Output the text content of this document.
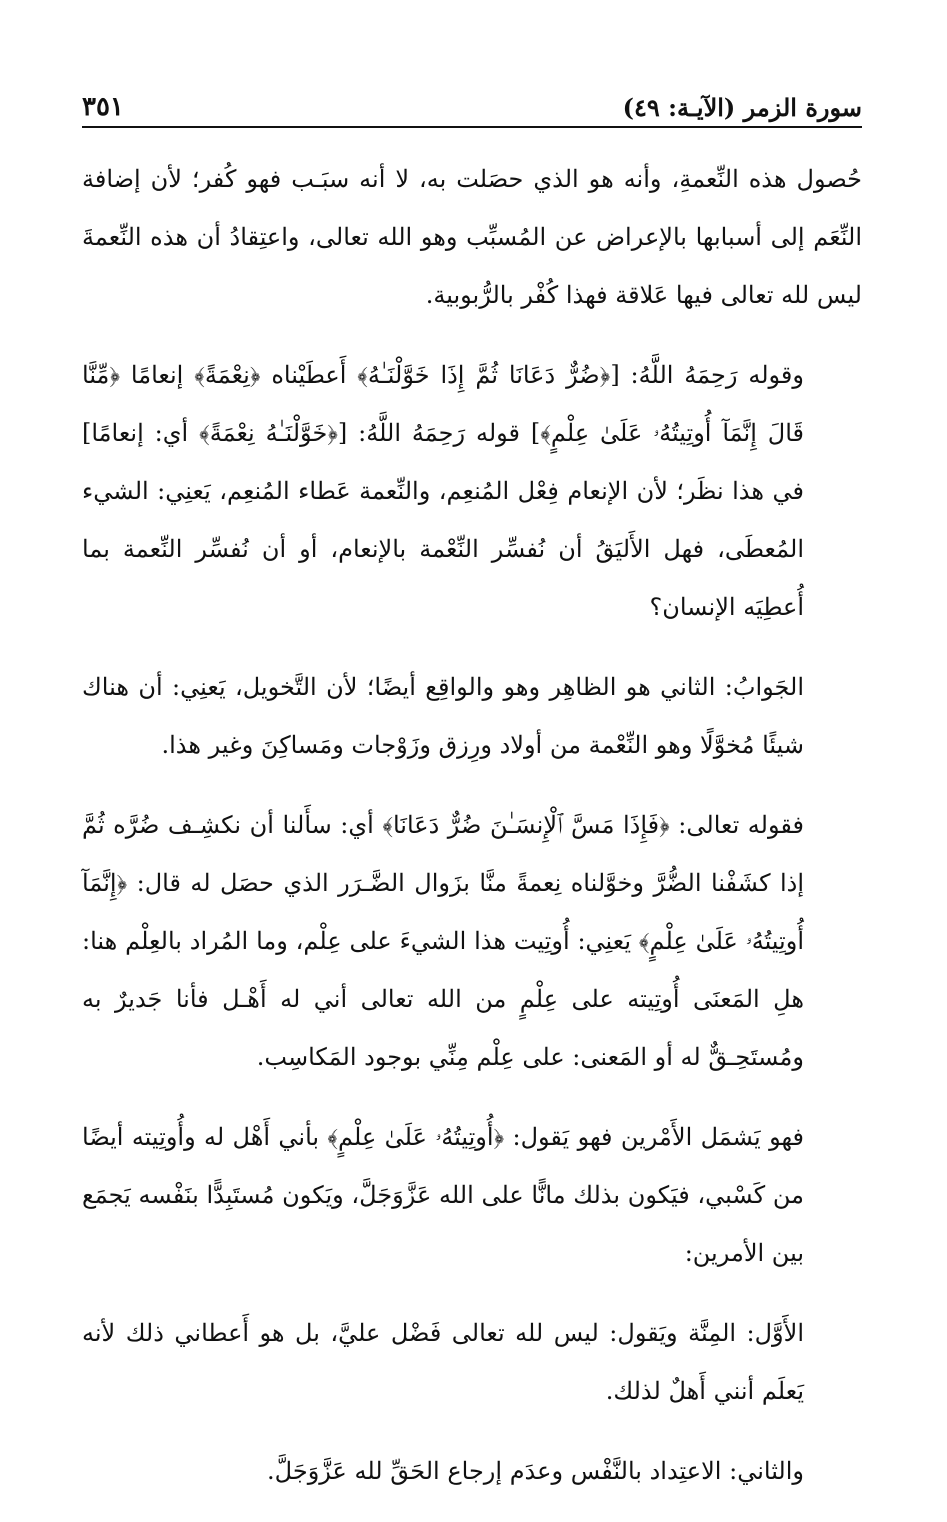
سورة الزمر (الآيـة: ٤٩)
٣٥١

حُصول هذه النِّعمةِ، وأنه هو الذي حصَلت به، لا أنه سبَـب فهو كُفر؛ لأن إضافة النِّعَم إلى أسبابها بالإعراض عن المُسبِّب وهو الله تعالى، واعتِقادُ أن هذه النِّعمةَ ليس لله تعالى فيها عَلاقة فهذا كُفْر بالرُّبوبية.

وقوله رَحِمَهُ اللَّهُ: [﴿ضُرٌّ دَعَانَا ثُمَّ إِذَا خَوَّلْنَـٰهُ﴾ أَعطَيْناه ﴿نِعْمَةً﴾ إنعامًا ﴿مِّنَّا قَالَ إِنَّمَآ أُوتِيتُهُۥ عَلَىٰ عِلْمٍ﴾] قوله رَحِمَهُ اللَّهُ: [﴿خَوَّلْنَـٰهُ نِعْمَةً﴾ أي: إنعامًا] في هذا نظَر؛ لأن الإنعام فِعْل المُنعِم، والنِّعمة عَطاء المُنعِم، يَعنِي: الشيء المُعطَى، فهل الأَليَقُ أن نُفسِّر النِّعْمة بالإنعام، أو أن نُفسِّر النِّعمة بما أُعطِيَه الإنسان؟

الجَوابُ: الثاني هو الظاهِر وهو والواقِع أيضًا؛ لأن التَّخويل، يَعنِي: أن هناك شيئًا مُخوَّلًا وهو النِّعْمة من أولاد ورِزق وزَوْجات ومَساكِنَ وغير هذا.

فقوله تعالى: ﴿فَإِذَا مَسَّ ٱلْإِنسَـٰنَ ضُرٌّ دَعَانَا﴾ أي: سأَلنا أن نكشِـف ضُرَّه ثُمَّ إذا كشَفْنا الضُّرَّ وخوَّلناه نِعمةً منَّا بزَوال الضَّـرَر الذي حصَل له قال: ﴿إِنَّمَآ أُوتِيتُهُۥ عَلَىٰ عِلْمٍ﴾ يَعنِي: أُوتِيت هذا الشيءَ على عِلْم، وما المُراد بالعِلْم هنا: هلِ المَعنَى أُوتِيته على عِلْمٍ من الله تعالى أني له أَهْـل فأنا جَديرٌ به ومُستَحِـقٌّ له أو المَعنى: على عِلْم مِنِّي بوجود المَكاسِب.

فهو يَشمَل الأَمْرين فهو يَقول: ﴿أُوتِيتُهُۥ عَلَىٰ عِلْمٍ﴾ بأني أَهْل له وأُوتِيته أيضًا من كَسْبي، فيَكون بذلك مانًّا على الله عَزَّوَجَلَّ، ويَكون مُستَبِدًّا بنَفْسه يَجمَع بين الأمرين:

الأَوَّل: المِنَّة ويَقول: ليس لله تعالى فَضْل عليَّ، بل هو أَعطاني ذلك لأنه يَعلَم أنني أَهلٌ لذلك.

والثاني: الاعتِداد بالنَّفْس وعدَم إرجاع الحَقِّ لله عَزَّوَجَلَّ.
